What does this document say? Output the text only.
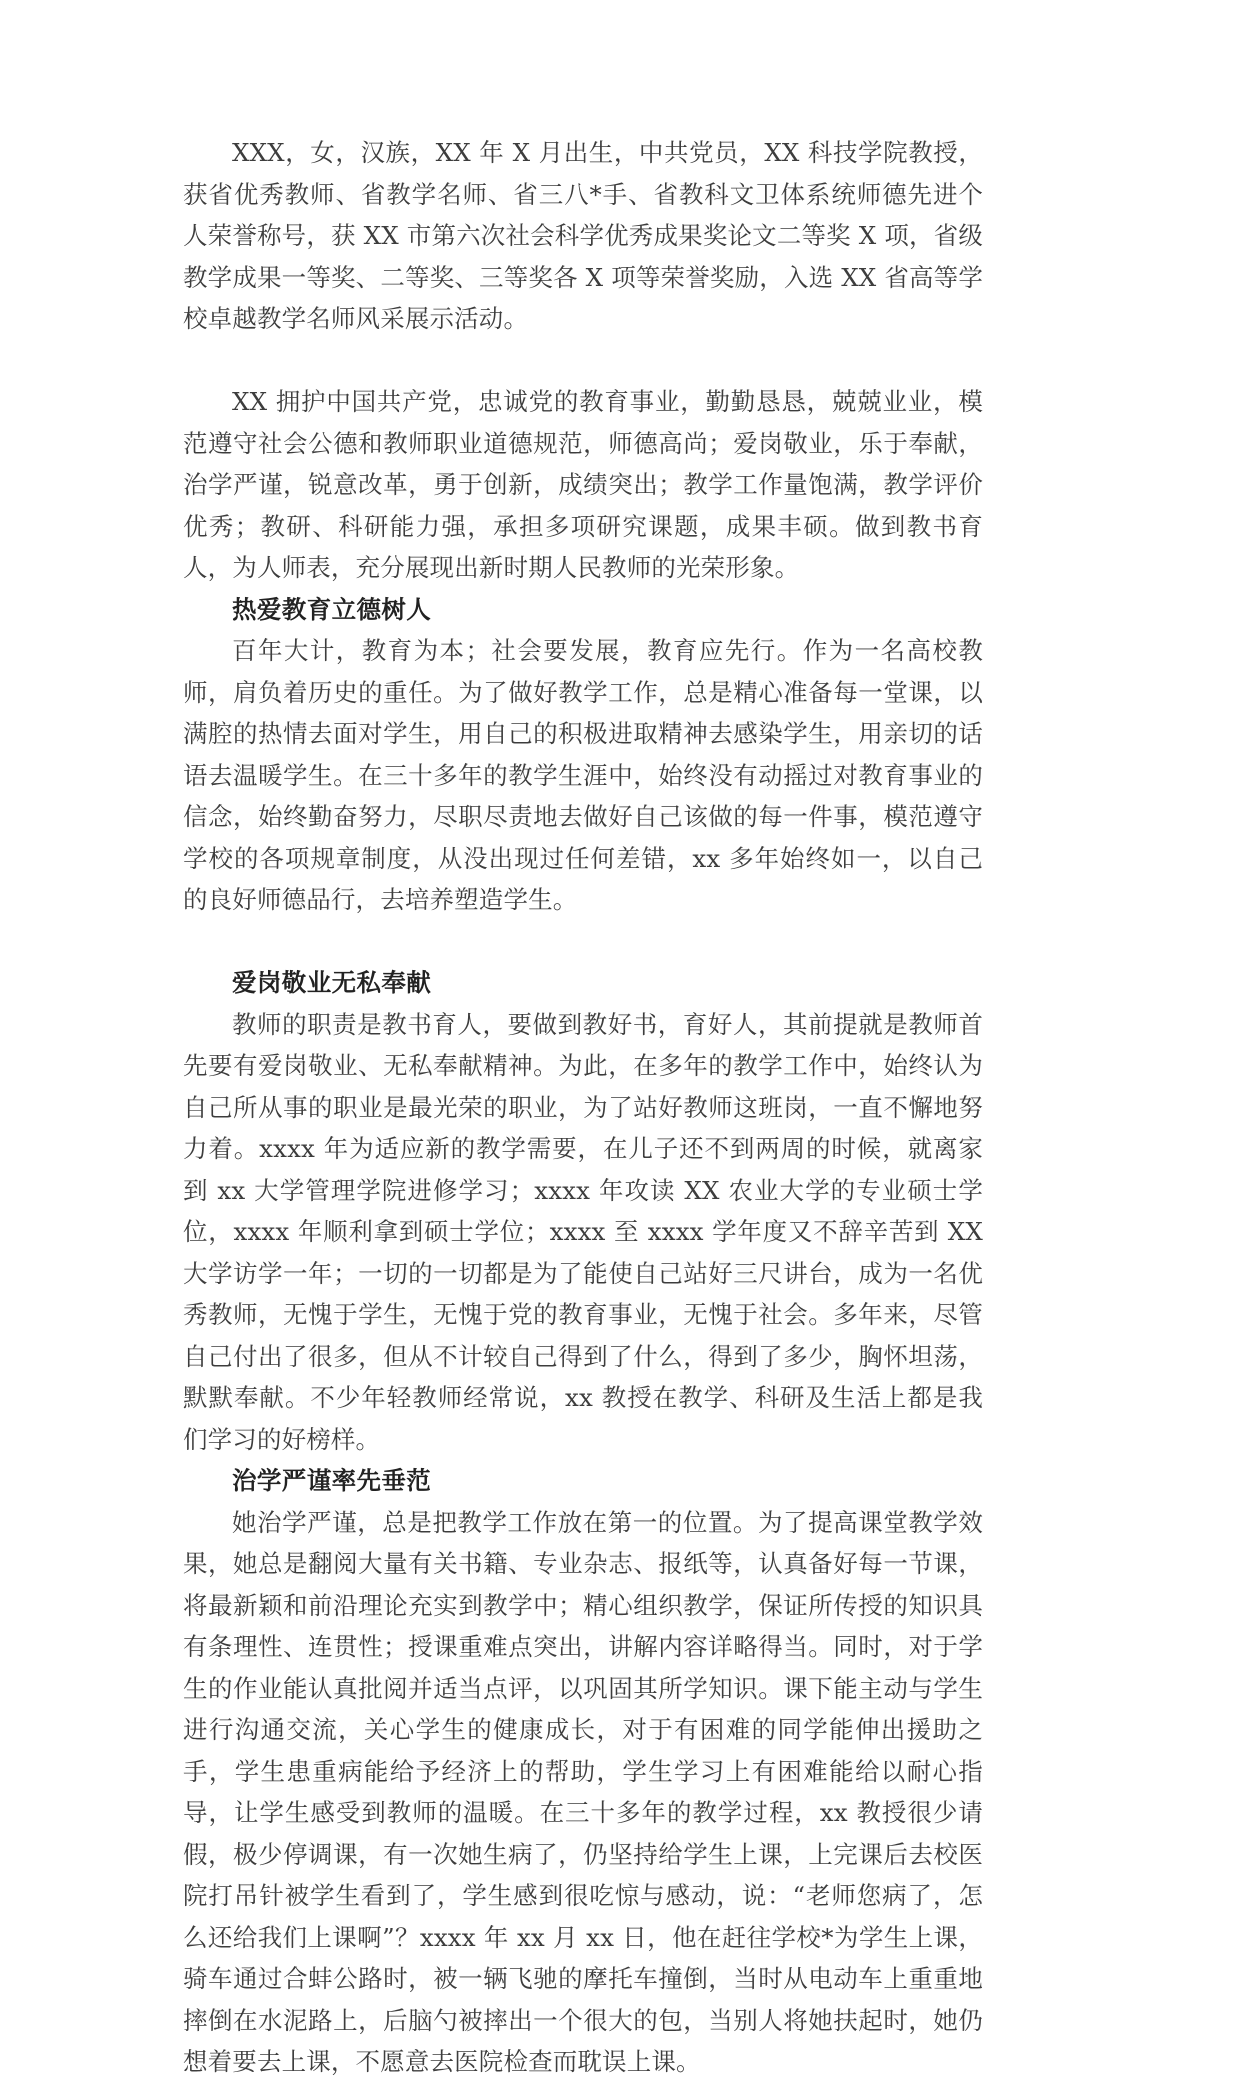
XXX，女，汉族，XX 年 X 月出生，中共党员，XX 科技学院教授，获省优秀教师、省教学名师、省三八*手、省教科文卫体系统师德先进个人荣誉称号，获 XX 市第六次社会科学优秀成果奖论文二等奖 X 项，省级教学成果一等奖、二等奖、三等奖各 X 项等荣誉奖励，入选 XX 省高等学校卓越教学名师风采展示活动。

XX 拥护中国共产党，忠诚党的教育事业，勤勤恳恳，兢兢业业，模范遵守社会公德和教师职业道德规范，师德高尚；爱岗敬业，乐于奉献，治学严谨，锐意改革，勇于创新，成绩突出；教学工作量饱满，教学评价优秀；教研、科研能力强，承担多项研究课题，成果丰硕。做到教书育人，为人师表，充分展现出新时期人民教师的光荣形象。

热爱教育立德树人

百年大计，教育为本；社会要发展，教育应先行。作为一名高校教师，肩负着历史的重任。为了做好教学工作，总是精心准备每一堂课，以满腔的热情去面对学生，用自己的积极进取精神去感染学生，用亲切的话语去温暖学生。在三十多年的教学生涯中，始终没有动摇过对教育事业的信念，始终勤奋努力，尽职尽责地去做好自己该做的每一件事，模范遵守学校的各项规章制度，从没出现过任何差错，xx 多年始终如一，以自己的良好师德品行，去培养塑造学生。

爱岗敬业无私奉献

教师的职责是教书育人，要做到教好书，育好人，其前提就是教师首先要有爱岗敬业、无私奉献精神。为此，在多年的教学工作中，始终认为自己所从事的职业是最光荣的职业，为了站好教师这班岗，一直不懈地努力着。xxxx 年为适应新的教学需要，在儿子还不到两周的时候，就离家到 xx 大学管理学院进修学习；xxxx 年攻读 XX 农业大学的专业硕士学位，xxxx 年顺利拿到硕士学位；xxxx 至 xxxx 学年度又不辞辛苦到 XX 大学访学一年；一切的一切都是为了能使自己站好三尺讲台，成为一名优秀教师，无愧于学生，无愧于党的教育事业，无愧于社会。多年来，尽管自己付出了很多，但从不计较自己得到了什么，得到了多少，胸怀坦荡，默默奉献。不少年轻教师经常说，xx 教授在教学、科研及生活上都是我们学习的好榜样。

治学严谨率先垂范

她治学严谨，总是把教学工作放在第一的位置。为了提高课堂教学效果，她总是翻阅大量有关书籍、专业杂志、报纸等，认真备好每一节课，将最新颖和前沿理论充实到教学中；精心组织教学，保证所传授的知识具有条理性、连贯性；授课重难点突出，讲解内容详略得当。同时，对于学生的作业能认真批阅并适当点评，以巩固其所学知识。课下能主动与学生进行沟通交流，关心学生的健康成长，对于有困难的同学能伸出援助之手，学生患重病能给予经济上的帮助，学生学习上有困难能给以耐心指导，让学生感受到教师的温暖。在三十多年的教学过程，xx 教授很少请假，极少停调课，有一次她生病了，仍坚持给学生上课，上完课后去校医院打吊针被学生看到了，学生感到很吃惊与感动，说：“老师您病了，怎么还给我们上课啊”？xxxx 年 xx 月 xx 日，他在赶往学校*为学生上课，骑车通过合蚌公路时，被一辆飞驰的摩托车撞倒，当时从电动车上重重地摔倒在水泥路上，后脑勺被摔出一个很大的包，当别人将她扶起时，她仍想着要去上课，不愿意去医院检查而耽误上课。
